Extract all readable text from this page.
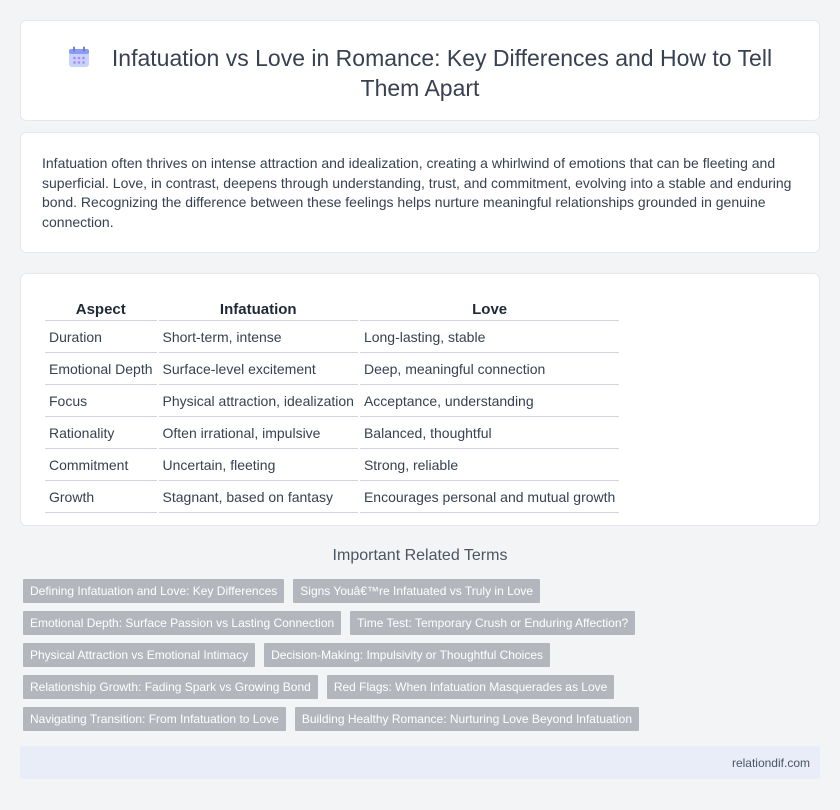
Infatuation vs Love in Romance: Key Differences and How to Tell Them Apart

Infatuation often thrives on intense attraction and idealization, creating a whirlwind of emotions that can be fleeting and superficial. Love, in contrast, deepens through understanding, trust, and commitment, evolving into a stable and enduring bond. Recognizing the difference between these feelings helps nurture meaningful relationships grounded in genuine connection.

Aspect	Infatuation	Love
Duration	Short-term, intense	Long-lasting, stable
Emotional Depth	Surface-level excitement	Deep, meaningful connection
Focus	Physical attraction, idealization	Acceptance, understanding
Rationality	Often irrational, impulsive	Balanced, thoughtful
Commitment	Uncertain, fleeting	Strong, reliable
Growth	Stagnant, based on fantasy	Encourages personal and mutual growth
Important Related Terms
Defining Infatuation and Love: Key Differences	Signs Youâ€™re Infatuated vs Truly in Love
Emotional Depth: Surface Passion vs Lasting Connection	Time Test: Temporary Crush or Enduring Affection?
Physical Attraction vs Emotional Intimacy	Decision-Making: Impulsivity or Thoughtful Choices
Relationship Growth: Fading Spark vs Growing Bond	Red Flags: When Infatuation Masquerades as Love
Navigating Transition: From Infatuation to Love	Building Healthy Romance: Nurturing Love Beyond Infatuation
relationdif.com
